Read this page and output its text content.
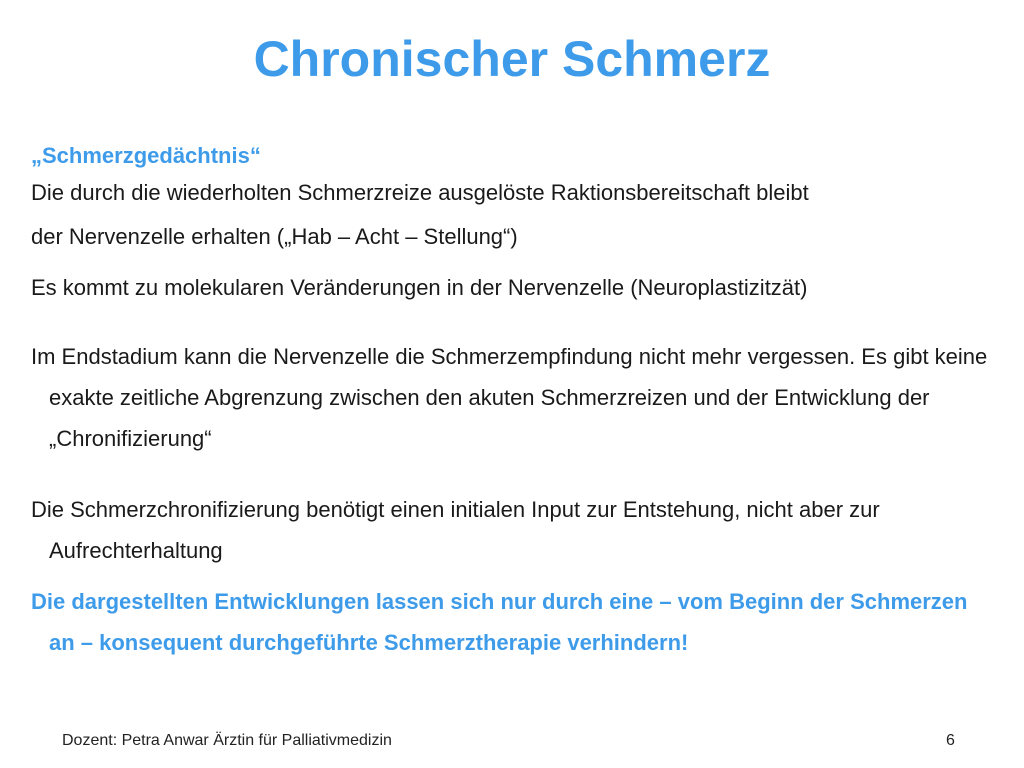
Chronischer Schmerz
„Schmerzgedächtnis“
Die durch die wiederholten Schmerzreize ausgelöste Raktionsbereitschaft bleibt
der Nervenzelle erhalten („Hab – Acht – Stellung“)

Es kommt zu molekularen Veränderungen in der Nervenzelle (Neuroplastizitzät)

Im Endstadium kann die Nervenzelle die Schmerzempfindung nicht mehr vergessen. Es gibt keine exakte zeitliche Abgrenzung zwischen den akuten Schmerzreizen und der Entwicklung der „Chronifizierung“

Die Schmerzchronifizierung benötigt einen initialen Input zur Entstehung, nicht aber zur Aufrechterhaltung

Die dargestellten Entwicklungen lassen sich nur durch eine – vom Beginn der Schmerzen an – konsequent durchgeführte Schmerztherapie verhindern!

Dozent: Petra Anwar Ärztin für Palliativmedizin	6
